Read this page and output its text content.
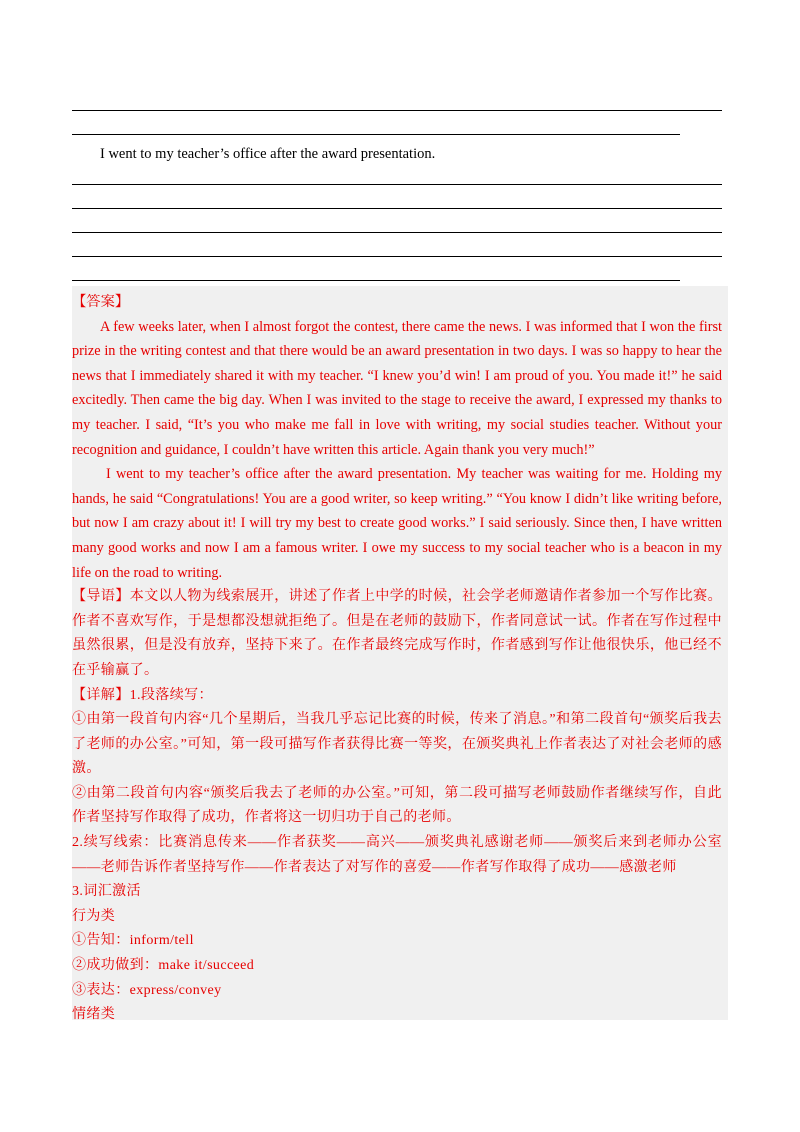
I went to my teacher’s office after the award presentation.

【答案】

A few weeks later, when I almost forgot the contest, there came the news. I was informed that I won the first prize in the writing contest and that there would be an award presentation in two days. I was so happy to hear the news that I immediately shared it with my teacher. “I knew you’d win! I am proud of you. You made it!” he said excitedly. Then came the big day. When I was invited to the stage to receive the award, I expressed my thanks to my teacher. I said, “It’s you who make me fall in love with writing, my social studies teacher. Without your recognition and guidance, I couldn’t have written this article. Again thank you very much!”

I went to my teacher’s office after the award presentation. My teacher was waiting for me. Holding my hands, he said “Congratulations! You are a good writer, so keep writing.” “You know I didn’t like writing before, but now I am crazy about it! I will try my best to create good works.” I said seriously. Since then, I have written many good works and now I am a famous writer. I owe my success to my social teacher who is a beacon in my life on the road to writing.

【导语】本文以人物为线索展开，讲述了作者上中学的时候，社会学老师邀请作者参加一个写作比赛。作者不喜欢写作，于是想都没想就拒绝了。但是在老师的鼓励下，作者同意试一试。作者在写作过程中虽然很累，但是没有放弃，坚持下来了。在作者最终完成写作时，作者感到写作让他很快乐，他已经不在乎输赢了。

【详解】1.段落续写：

①由第一段首句内容“几个星期后，当我几乎忘记比赛的时候，传来了消息。”和第二段首句“颁奖后我去了老师的办公室。”可知，第一段可描写作者获得比赛一等奖，在颁奖典礼上作者表达了对社会老师的感激。

②由第二段首句内容“颁奖后我去了老师的办公室。”可知，第二段可描写老师鼓励作者继续写作，自此作者坚持写作取得了成功，作者将这一切归功于自己的老师。

2.续写线索：比赛消息传来——作者获奖——高兴——颁奖典礼感谢老师——颁奖后来到老师办公室——老师告诉作者坚持写作——作者表达了对写作的喜爱——作者写作取得了成功——感激老师

3.词汇激活

行为类

①告知：inform/tell

②成功做到：make it/succeed

③表达：express/convey

情绪类
